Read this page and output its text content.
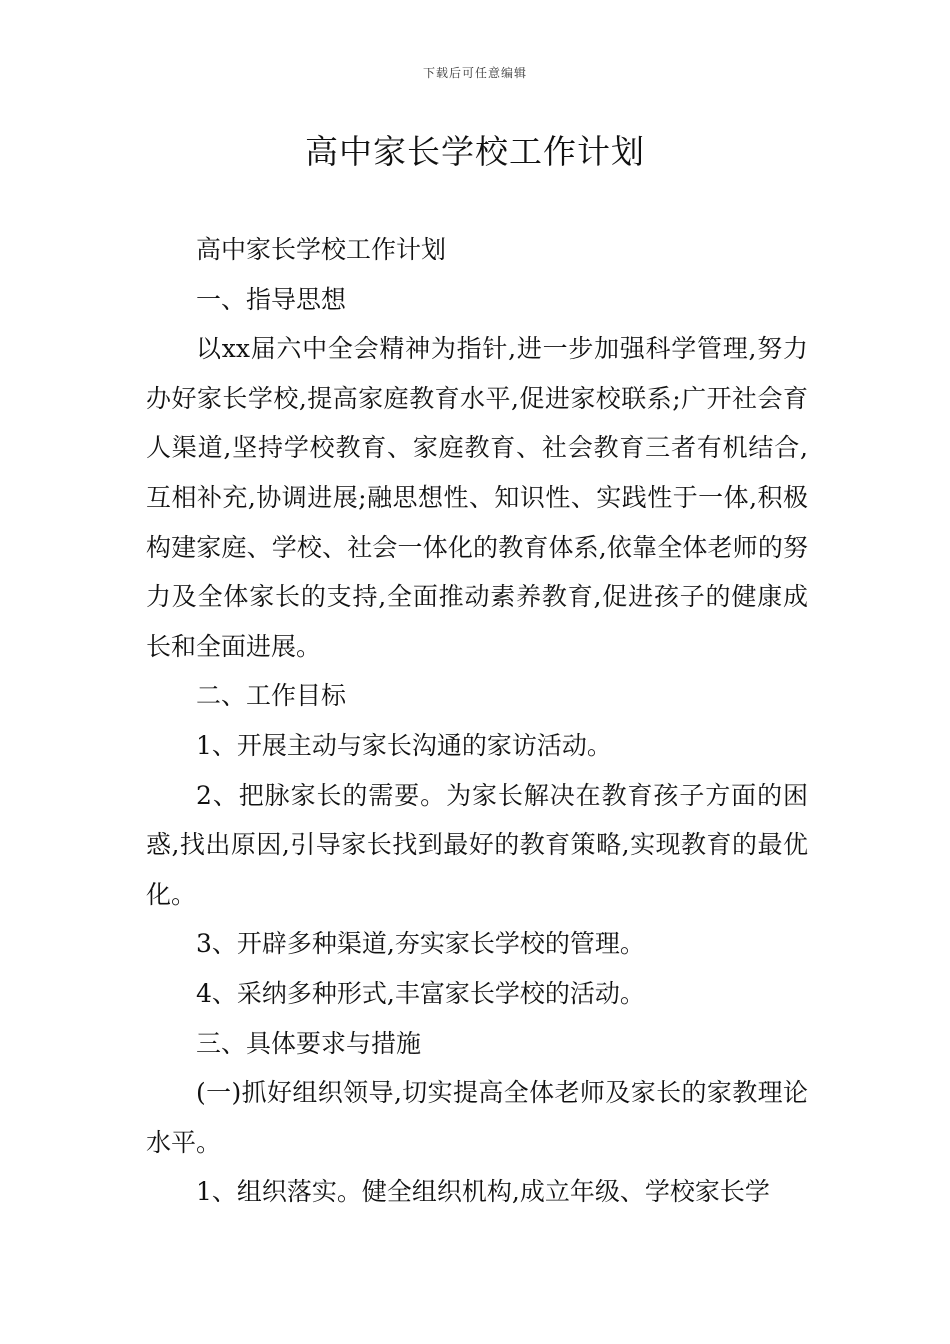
下载后可任意编辑
高中家长学校工作计划

高中家长学校工作计划

一、指导思想

以xx届六中全会精神为指针,进一步加强科学管理,努力办好家长学校,提高家庭教育水平,促进家校联系;广开社会育人渠道,坚持学校教育、家庭教育、社会教育三者有机结合,互相补充,协调进展;融思想性、知识性、实践性于一体,积极构建家庭、学校、社会一体化的教育体系,依靠全体老师的努力及全体家长的支持,全面推动素养教育,促进孩子的健康成长和全面进展。

二、工作目标

1、开展主动与家长沟通的家访活动。

2、把脉家长的需要。为家长解决在教育孩子方面的困惑,找出原因,引导家长找到最好的教育策略,实现教育的最优化。

3、开辟多种渠道,夯实家长学校的管理。

4、采纳多种形式,丰富家长学校的活动。

三、具体要求与措施

(一)抓好组织领导,切实提高全体老师及家长的家教理论水平。

1、组织落实。健全组织机构,成立年级、学校家长学
